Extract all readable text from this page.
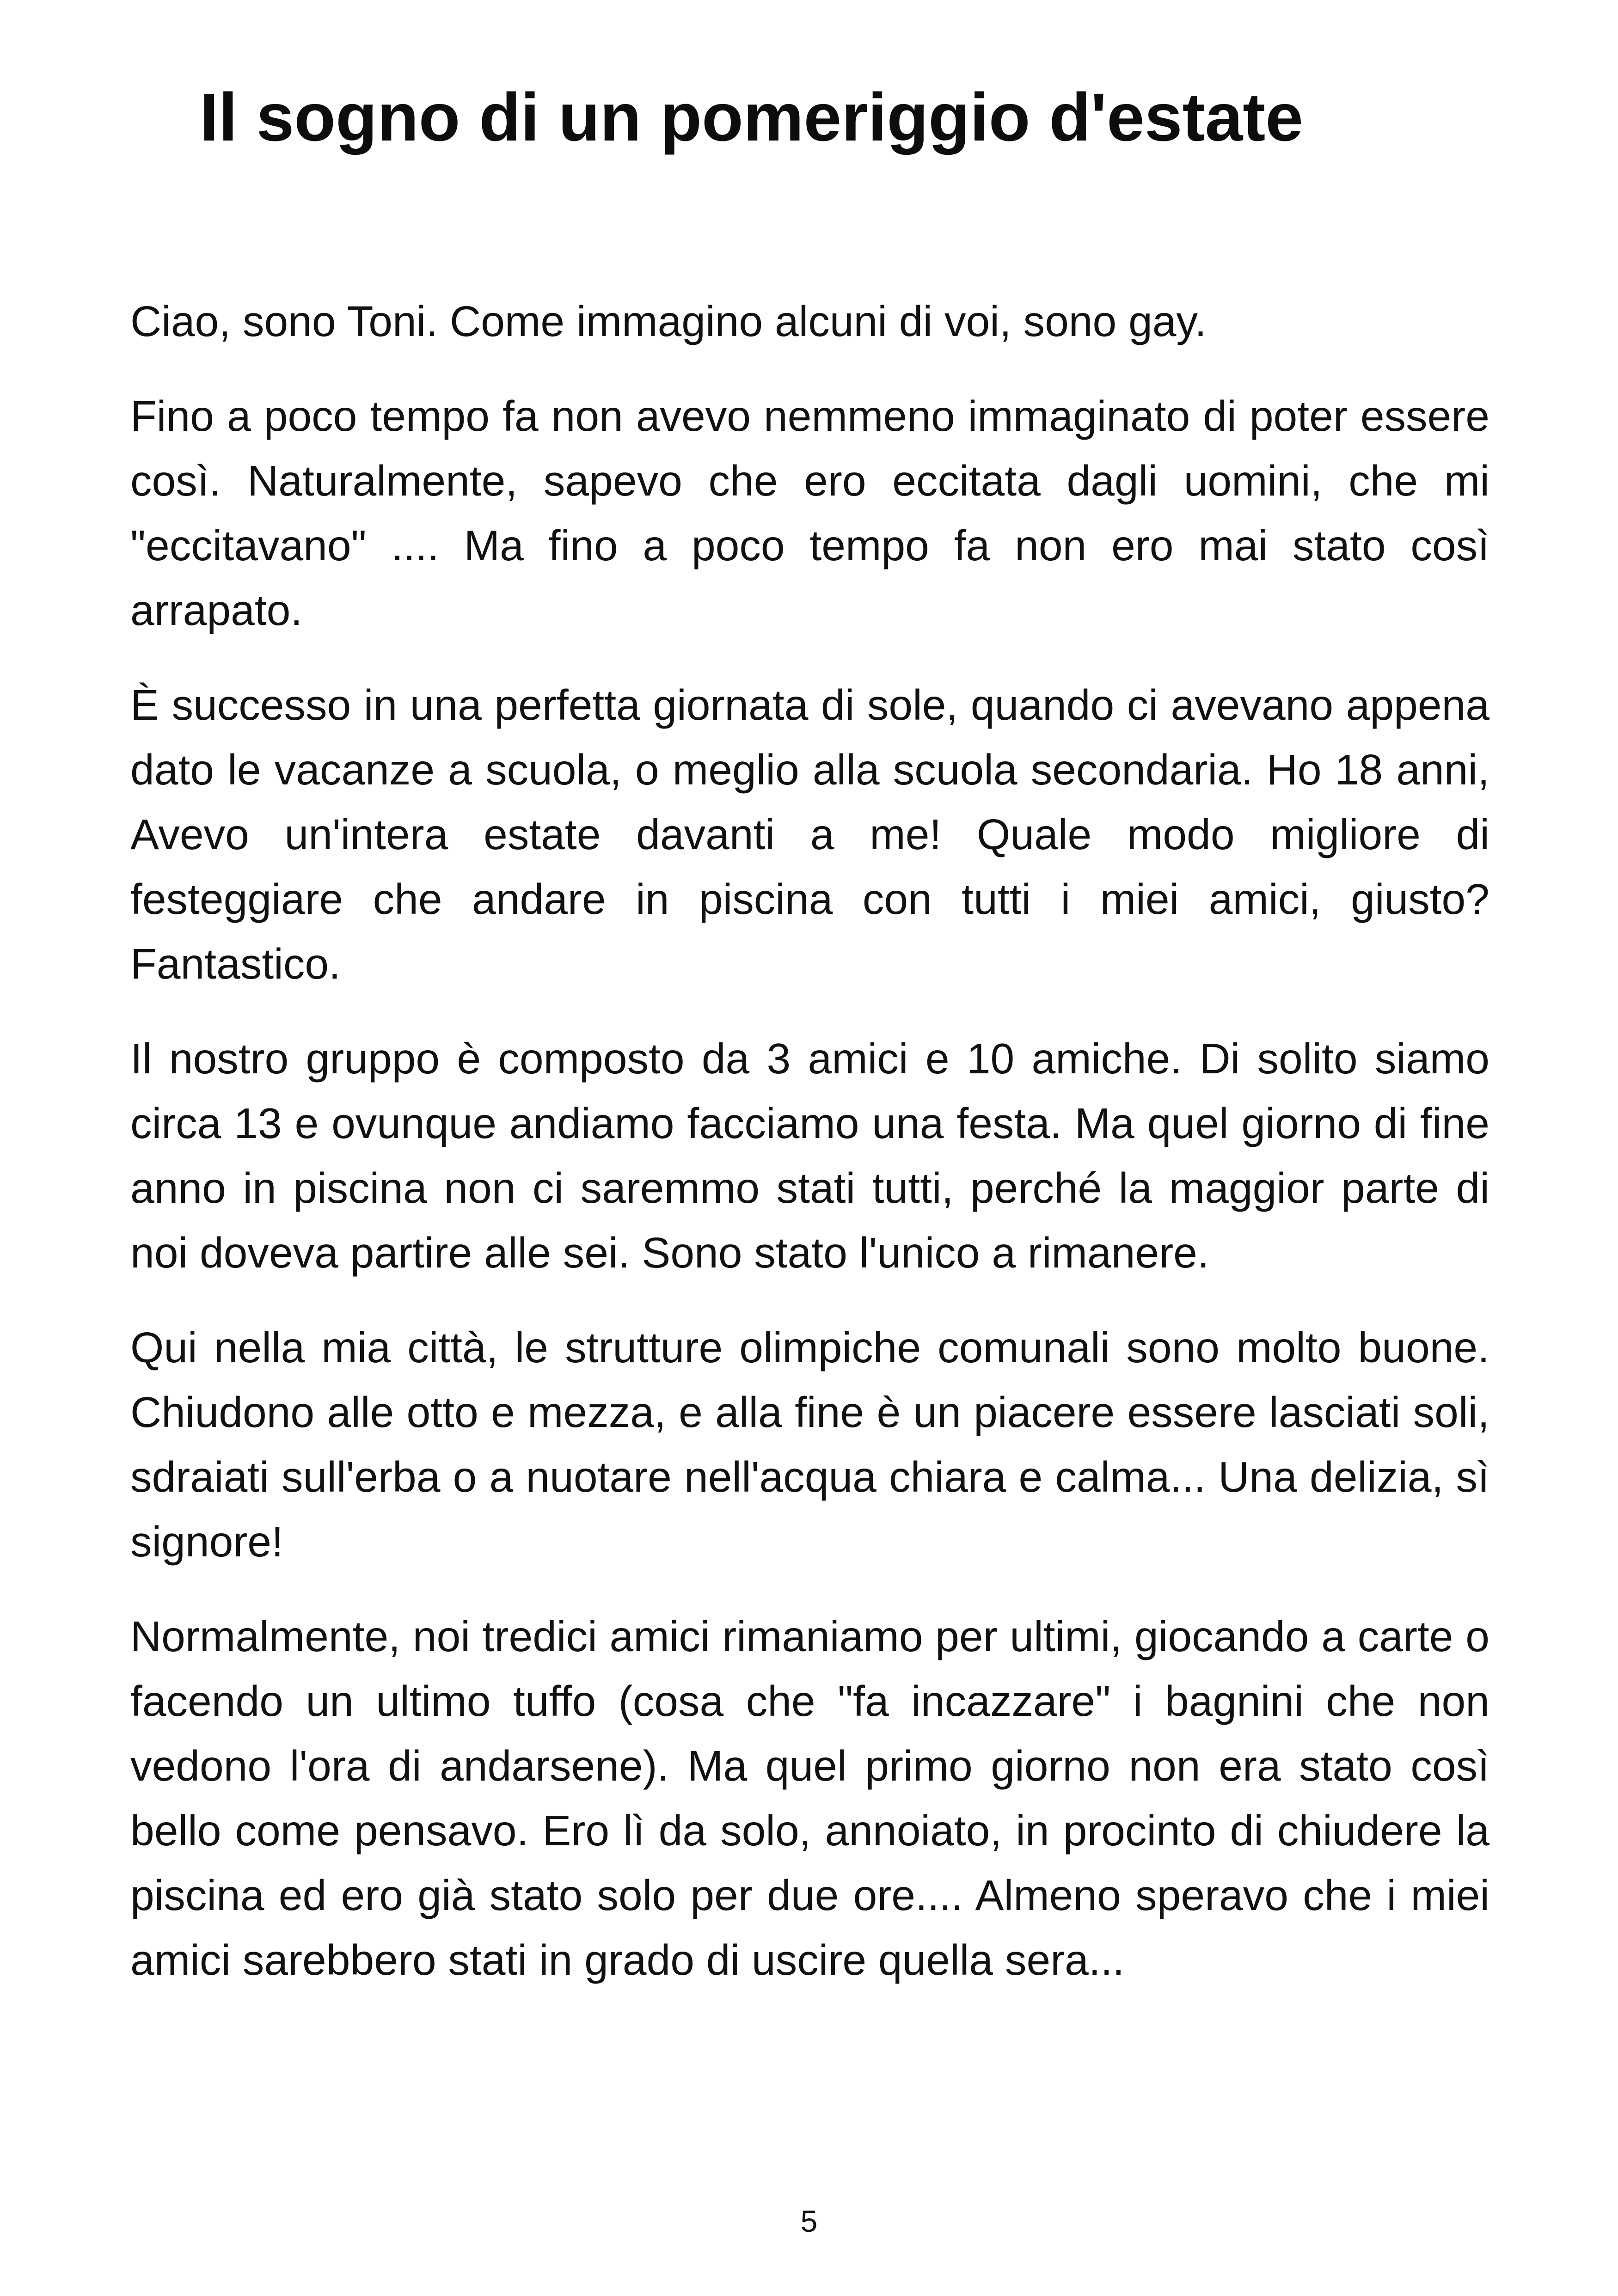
Il sogno di un pomeriggio d'estate

Ciao, sono Toni. Come immagino alcuni di voi, sono gay.

Fino a poco tempo fa non avevo nemmeno immaginato di poter essere così. Naturalmente, sapevo che ero eccitata dagli uomini, che mi "eccitavano" .... Ma fino a poco tempo fa non ero mai stato così arrapato.

È successo in una perfetta giornata di sole, quando ci avevano appena dato le vacanze a scuola, o meglio alla scuola secondaria. Ho 18 anni, Avevo un'intera estate davanti a me! Quale modo migliore di festeggiare che andare in piscina con tutti i miei amici, giusto? Fantastico.

Il nostro gruppo è composto da 3 amici e 10 amiche. Di solito siamo circa 13 e ovunque andiamo facciamo una festa. Ma quel giorno di fine anno in piscina non ci saremmo stati tutti, perché la maggior parte di noi doveva partire alle sei. Sono stato l'unico a rimanere.

Qui nella mia città, le strutture olimpiche comunali sono molto buone. Chiudono alle otto e mezza, e alla fine è un piacere essere lasciati soli, sdraiati sull'erba o a nuotare nell'acqua chiara e calma... Una delizia, sì signore!

Normalmente, noi tredici amici rimaniamo per ultimi, giocando a carte o facendo un ultimo tuffo (cosa che "fa incazzare" i bagnini che non vedono l'ora di andarsene). Ma quel primo giorno non era stato così bello come pensavo. Ero lì da solo, annoiato, in procinto di chiudere la piscina ed ero già stato solo per due ore.... Almeno speravo che i miei amici sarebbero stati in grado di uscire quella sera...

5
